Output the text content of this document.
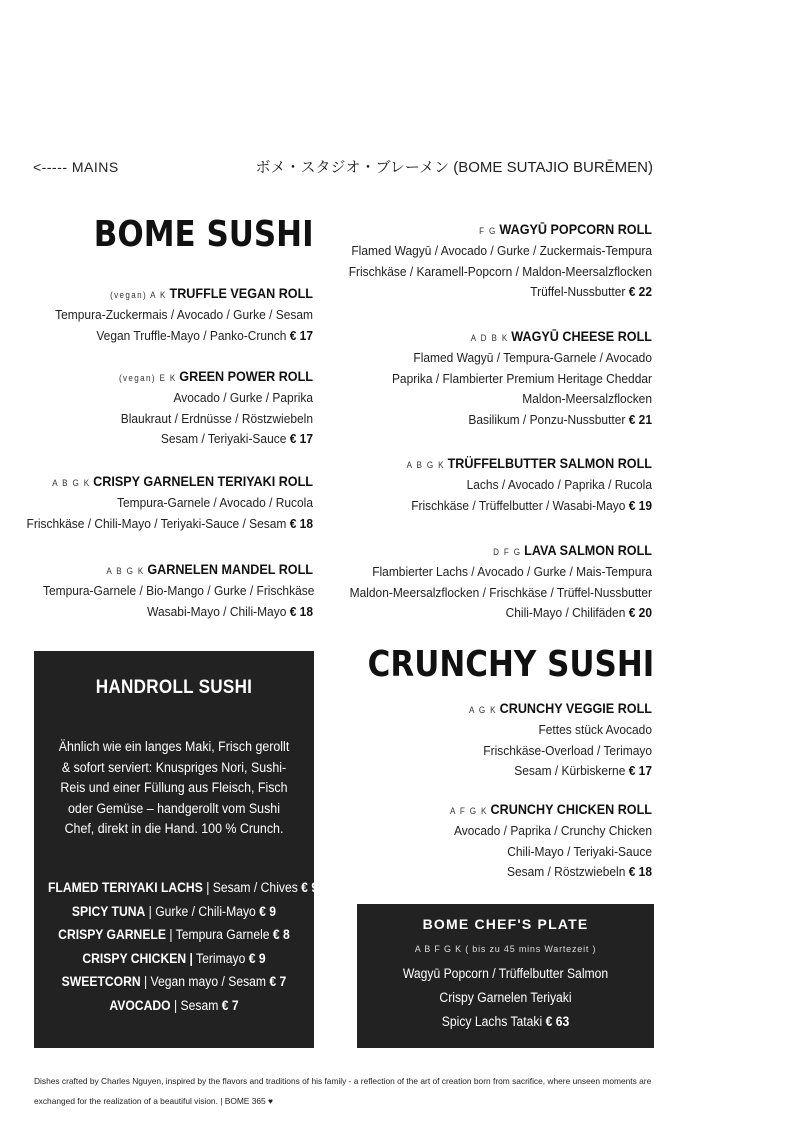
<----- MAINS	ボメ・スタジオ・ブレーメン (BOME SUTAJIO BURĒMEN)
BOME SUSHI
(vegan) A K TRUFFLE VEGAN ROLL
Tempura-Zuckermais / Avocado / Gurke / Sesam
Vegan Truffle-Mayo / Panko-Crunch € 17
(vegan) E K GREEN POWER ROLL
Avocado / Gurke / Paprika
Blaukraut / Erdnüsse / Röstzwiebeln
Sesam / Teriyaki-Sauce € 17
A B G K CRISPY GARNELEN TERIYAKI ROLL
Tempura-Garnele / Avocado / Rucola
Frischkäse / Chili-Mayo / Teriyaki-Sauce / Sesam € 18
A B G K GARNELEN MANDEL ROLL
Tempura-Garnele / Bio-Mango / Gurke / Frischkäse
Wasabi-Mayo / Chili-Mayo € 18
F G WAGYŪ POPCORN ROLL
Flamed Wagyū / Avocado / Gurke / Zuckermais-Tempura
Frischkäse / Karamell-Popcorn / Maldon-Meersalzflocken
Trüffel-Nussbutter € 22
A D B K WAGYŪ CHEESE ROLL
Flamed Wagyū / Tempura-Garnele / Avocado
Paprika / Flambierter Premium Heritage Cheddar
Maldon-Meersalzflocken
Basilikum / Ponzu-Nussbutter € 21
A B G K TRÜFFELBUTTER SALMON ROLL
Lachs / Avocado / Paprika / Rucola
Frischkäse / Trüffelbutter / Wasabi-Mayo € 19
D F G LAVA SALMON ROLL
Flambierter Lachs / Avocado / Gurke / Mais-Tempura
Maldon-Meersalzflocken / Frischkäse / Trüffel-Nussbutter
Chili-Mayo / Chilifäden € 20
CRUNCHY SUSHI
A G K CRUNCHY VEGGIE ROLL
Fettes stück Avocado
Frischkäse-Overload / Terimayo
Sesam / Kürbiskerne € 17
A F G K CRUNCHY CHICKEN ROLL
Avocado / Paprika / Crunchy Chicken
Chili-Mayo / Teriyaki-Sauce
Sesam / Röstzwiebeln € 18
HANDROLL SUSHI
Ähnlich wie ein langes Maki, Frisch gerollt & sofort serviert: Knuspriges Nori, Sushi-Reis und einer Füllung aus Fleisch, Fisch oder Gemüse – handgerollt vom Sushi Chef, direkt in die Hand. 100 % Crunch.
FLAMED TERIYAKI LACHS | Sesam / Chives € 9
SPICY TUNA | Gurke / Chili-Mayo € 9
CRISPY GARNELE | Tempura Garnele € 8
CRISPY CHICKEN | Terimayo € 9
SWEETCORN | Vegan mayo / Sesam € 7
AVOCADO | Sesam € 7
BOME CHEF'S PLATE
A B F G K ( bis zu 45 mins Wartezeit )
Wagyū Popcorn / Trüffelbutter Salmon
Crispy Garnelen Teriyaki
Spicy Lachs Tataki € 63
Dishes crafted by Charles Nguyen, inspired by the flavors and traditions of his family - a reflection of the art of creation born from sacrifice, where unseen moments are exchanged for the realization of a beautiful vision. | BOME 365 ♥
